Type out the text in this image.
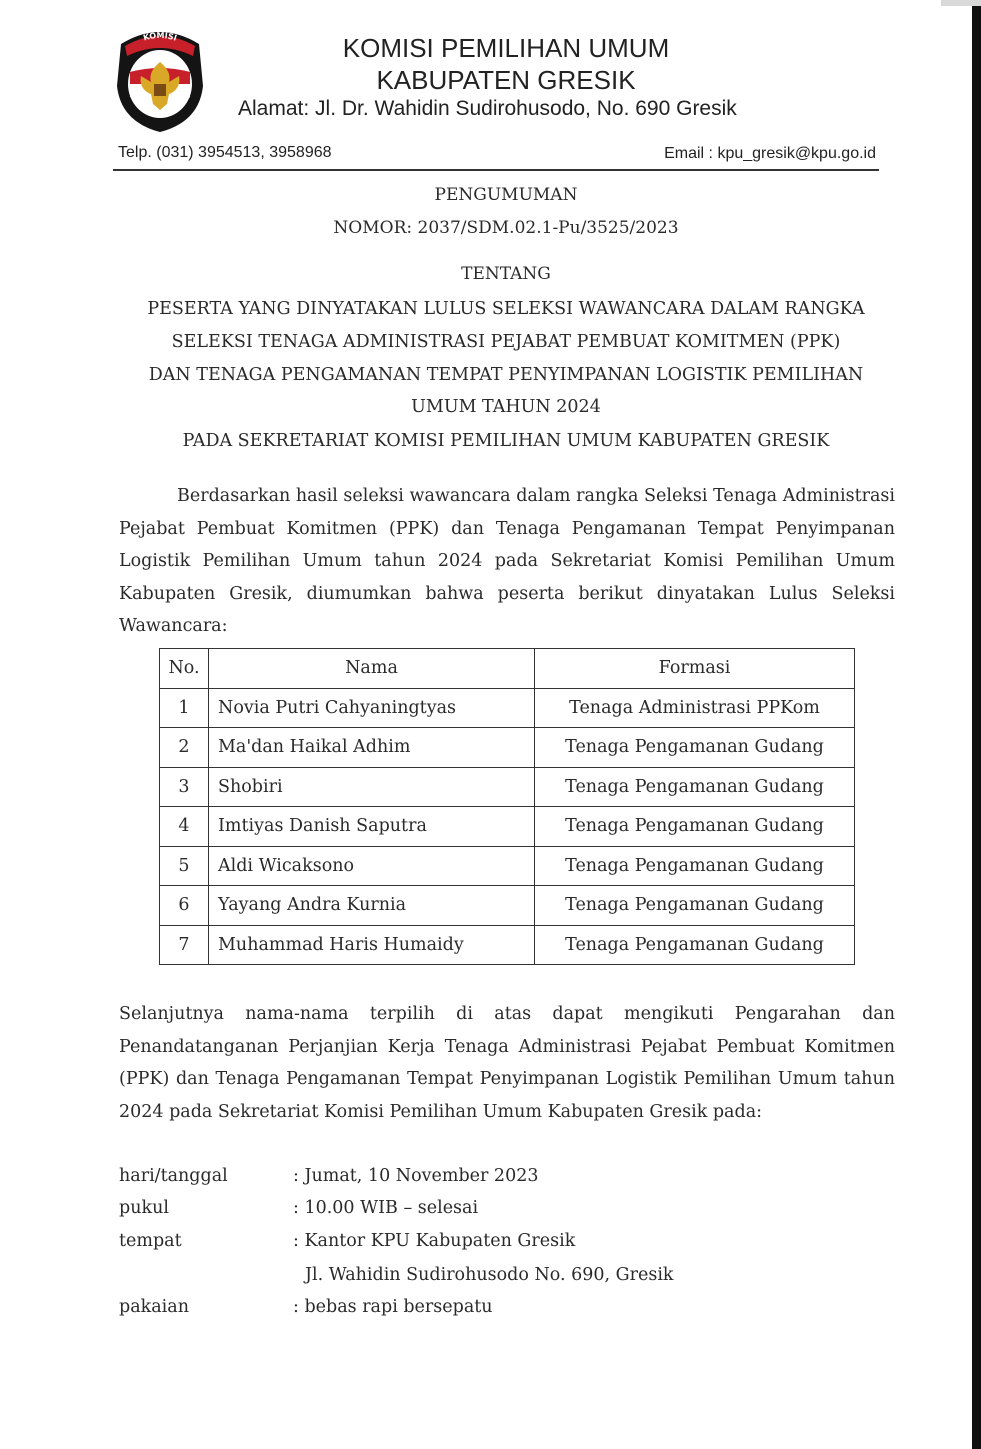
KOMISI
PEMILIHAN UMUM
KOMISI PEMILIHAN UMUM
KABUPATEN GRESIK
Alamat: Jl. Dr. Wahidin Sudirohusodo, No. 690 Gresik
Telp. (031) 3954513, 3958968	Email : kpu_gresik@kpu.go.id
PENGUMUMAN
NOMOR: 2037/SDM.02.1-Pu/3525/2023
TENTANG
PESERTA YANG DINYATAKAN LULUS SELEKSI WAWANCARA DALAM RANGKA
SELEKSI TENAGA ADMINISTRASI PEJABAT PEMBUAT KOMITMEN (PPK)
DAN TENAGA PENGAMANAN TEMPAT PENYIMPANAN LOGISTIK PEMILIHAN
UMUM TAHUN 2024
PADA SEKRETARIAT KOMISI PEMILIHAN UMUM KABUPATEN GRESIK

Berdasarkan hasil seleksi wawancara dalam rangka Seleksi Tenaga Administrasi Pejabat Pembuat Komitmen (PPK) dan Tenaga Pengamanan Tempat Penyimpanan Logistik Pemilihan Umum tahun 2024 pada Sekretariat Komisi Pemilihan Umum Kabupaten Gresik, diumumkan bahwa peserta berikut dinyatakan Lulus Seleksi Wawancara:

No.	Nama	Formasi
1	Novia Putri Cahyaningtyas	Tenaga Administrasi PPKom
2	Ma'dan Haikal Adhim	Tenaga Pengamanan Gudang
3	Shobiri	Tenaga Pengamanan Gudang
4	Imtiyas Danish Saputra	Tenaga Pengamanan Gudang
5	Aldi Wicaksono	Tenaga Pengamanan Gudang
6	Yayang Andra Kurnia	Tenaga Pengamanan Gudang
7	Muhammad Haris Humaidy	Tenaga Pengamanan Gudang

Selanjutnya nama-nama terpilih di atas dapat mengikuti Pengarahan dan Penandatanganan Perjanjian Kerja Tenaga Administrasi Pejabat Pembuat Komitmen (PPK) dan Tenaga Pengamanan Tempat Penyimpanan Logistik Pemilihan Umum tahun 2024 pada Sekretariat Komisi Pemilihan Umum Kabupaten Gresik pada:

hari/tanggal	: Jumat, 10 November 2023
pukul	: 10.00 WIB – selesai
tempat	: Kantor KPU Kabupaten Gresik
Jl. Wahidin Sudirohusodo No. 690, Gresik
pakaian	: bebas rapi bersepatu
